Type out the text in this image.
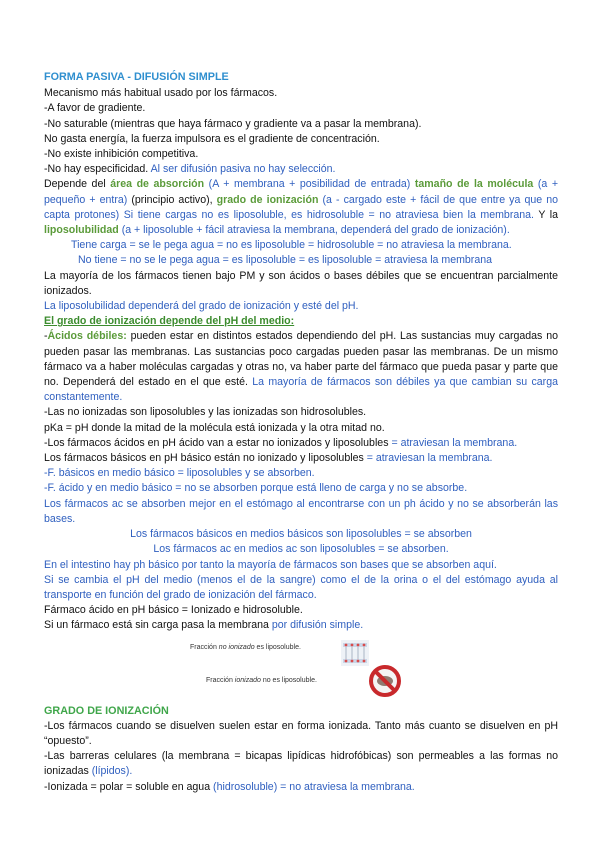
FORMA PASIVA - DIFUSIÓN SIMPLE

Mecanismo más habitual usado por los fármacos.

-A favor de gradiente.

-No saturable (mientras que haya fármaco y gradiente va a pasar la membrana).

No gasta energía, la fuerza impulsora es el gradiente de concentración.

-No existe inhibición competitiva.

-No hay especificidad. Al ser difusión pasiva no hay selección.

Depende del área de absorción (A + membrana + posibilidad de entrada) tamaño de la molécula (a + pequeño + entra) (principio activo), grado de ionización (a - cargado este + fácil de que entre ya que no capta protones) Si tiene cargas no es liposoluble, es hidrosoluble = no atraviesa bien la membrana. Y la liposolubilidad (a + liposoluble + fácil atraviesa la membrana, dependerá del grado de ionización).

Tiene carga = se le pega agua = no es liposoluble = hidrosoluble = no atraviesa la membrana.

No tiene = no se le pega agua = es liposoluble = es liposoluble = atraviesa la membrana

La mayoría de los fármacos tienen bajo PM y son ácidos o bases débiles que se encuentran parcialmente ionizados.

La liposolubilidad dependerá del grado de ionización y esté del pH.

El grado de ionización depende del pH del medio:

-Ácidos débiles: pueden estar en distintos estados dependiendo del pH. Las sustancias muy cargadas no pueden pasar las membranas. Las sustancias poco cargadas pueden pasar las membranas. De un mismo fármaco va a haber moléculas cargadas y otras no, va haber parte del fármaco que pueda pasar y parte que no. Dependerá del estado en el que esté. La mayoría de fármacos son débiles ya que cambian su carga constantemente.

-Las no ionizadas son liposolubles y las ionizadas son hidrosolubles.

pKa = pH donde la mitad de la molécula está ionizada y la otra mitad no.

-Los fármacos ácidos en pH ácido van a estar no ionizados y liposolubles = atraviesan la membrana.

Los fármacos básicos en pH básico están no ionizado y liposolubles = atraviesan la membrana.

-F. básicos en medio básico = liposolubles y se absorben.

-F. ácido y en medio básico = no se absorben porque está lleno de carga y no se absorbe.

Los fármacos ac se absorben mejor en el estómago al encontrarse con un ph ácido y no se absorberán las bases.

Los fármacos básicos en medios básicos son liposolubles = se absorben

Los fármacos ac en medios ac son liposolubles = se absorben.

En el intestino hay ph básico por tanto la mayoría de fármacos son bases que se absorben aquí.

Si se cambia el pH del medio (menos el de la sangre) como el de la orina o el del estómago ayuda al transporte en función del grado de ionización del fármaco.

Fármaco ácido en pH básico = Ionizado e hidrosoluble.

Si un fármaco está sin carga pasa la membrana por difusión simple.

Fracción no ionizado es liposoluble.
Fracción ionizado no es liposoluble.

GRADO DE IONIZACIÓN

-Los fármacos cuando se disuelven suelen estar en forma ionizada. Tanto más cuanto se disuelven en pH “opuesto”.

-Las barreras celulares (la membrana = bicapas lipídicas hidrofóbicas) son permeables a las formas no ionizadas (lípidos).

-Ionizada = polar = soluble en agua (hidrosoluble) = no atraviesa la membrana.
